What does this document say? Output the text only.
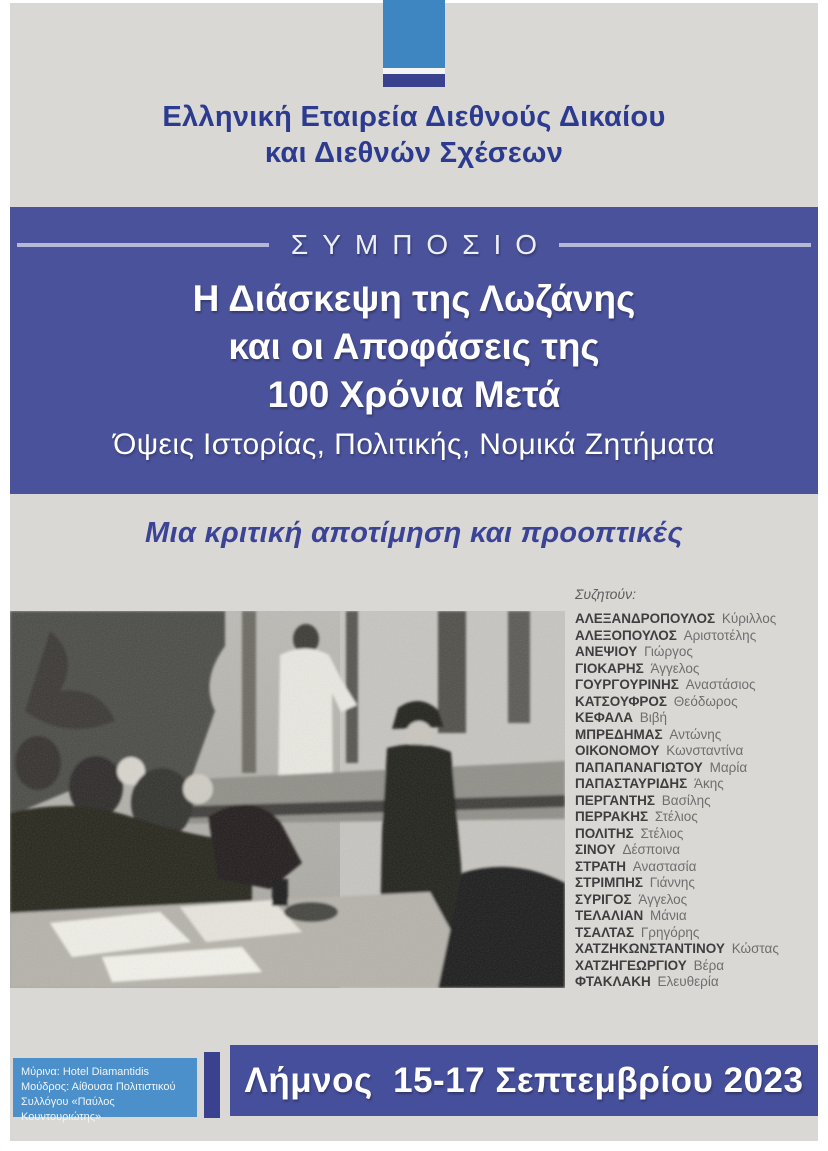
Ελληνική Εταιρεία Διεθνούς Δικαίου
και Διεθνών Σχέσεων
ΣΥΜΠΟΣΙΟ
Η Διάσκεψη της Λωζάνης
και οι Αποφάσεις της
100 Χρόνια Μετά
Όψεις Ιστορίας, Πολιτικής, Νομικά Ζητήματα
Μια κριτική αποτίμηση και προοπτικές
Συζητούν:
ΑΛΕΞΑΝΔΡΟΠΟΥΛΟΣ Κύριλλος
ΑΛΕΞΟΠΟΥΛΟΣ Αριστοτέλης
ΑΝΕΨΙΟΥ Γιώργος
ΓΙΟΚΑΡΗΣ Άγγελος
ΓΟΥΡΓΟΥΡΙΝΗΣ Αναστάσιος
ΚΑΤΣΟΥΦΡΟΣ Θεόδωρος
ΚΕΦΑΛΑ Βιβή
ΜΠΡΕΔΗΜΑΣ Αντώνης
ΟΙΚΟΝΟΜΟΥ Κωνσταντίνα
ΠΑΠΑΠΑΝΑΓΙΩΤΟΥ Μαρία
ΠΑΠΑΣΤΑΥΡΙΔΗΣ Άκης
ΠΕΡΓΑΝΤΗΣ Βασίλης
ΠΕΡΡΑΚΗΣ Στέλιος
ΠΟΛΙΤΗΣ Στέλιος
ΣΙΝΟΥ Δέσποινα
ΣΤΡΑΤΗ Αναστασία
ΣΤΡΙΜΠΗΣ Γιάννης
ΣΥΡΙΓΟΣ Άγγελος
ΤΕΛΑΛΙΑΝ Μάνια
ΤΣΑΛΤΑΣ Γρηγόρης
ΧΑΤΖΗΚΩΝΣΤΑΝΤΙΝΟΥ Κώστας
ΧΑΤΖΗΓΕΩΡΓΙΟΥ Βέρα
ΦΤΑΚΛΑΚΗ Ελευθερία
Μύρινα: Hotel Diamantidis
Μούδρος: Αίθουσα Πολιτιστικού
Συλλόγου «Παύλος Κουντουριώτης»
Λήμνος  15-17 Σεπτεμβρίου 2023
